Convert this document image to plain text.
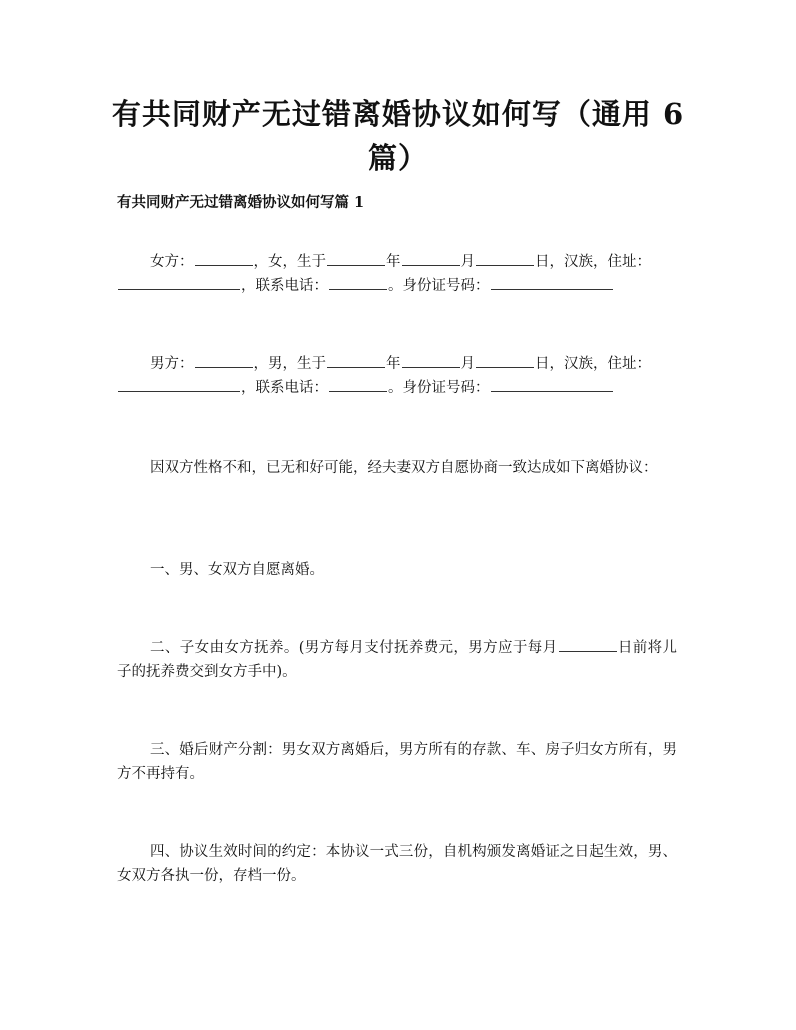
有共同财产无过错离婚协议如何写（通用 6 篇）
有共同财产无过错离婚协议如何写篇 1
女方：	，女，生于	年	月	日，汉族，住址：
，联系电话：	。身份证号码：
男方：	，男，生于	年	月	日，汉族，住址：
，联系电话：	。身份证号码：
因双方性格不和，已无和好可能，经夫妻双方自愿协商一致达成如下离婚协议：
一、男、女双方自愿离婚。
二、子女由女方抚养。(男方每月支付抚养费元，男方应于每月	日前将儿子的抚养费交到女方手中)。
三、婚后财产分割：男女双方离婚后，男方所有的存款、车、房子归女方所有，男方不再持有。
四、协议生效时间的约定：本协议一式三份，自机构颁发离婚证之日起生效，男、女双方各执一份，存档一份。
